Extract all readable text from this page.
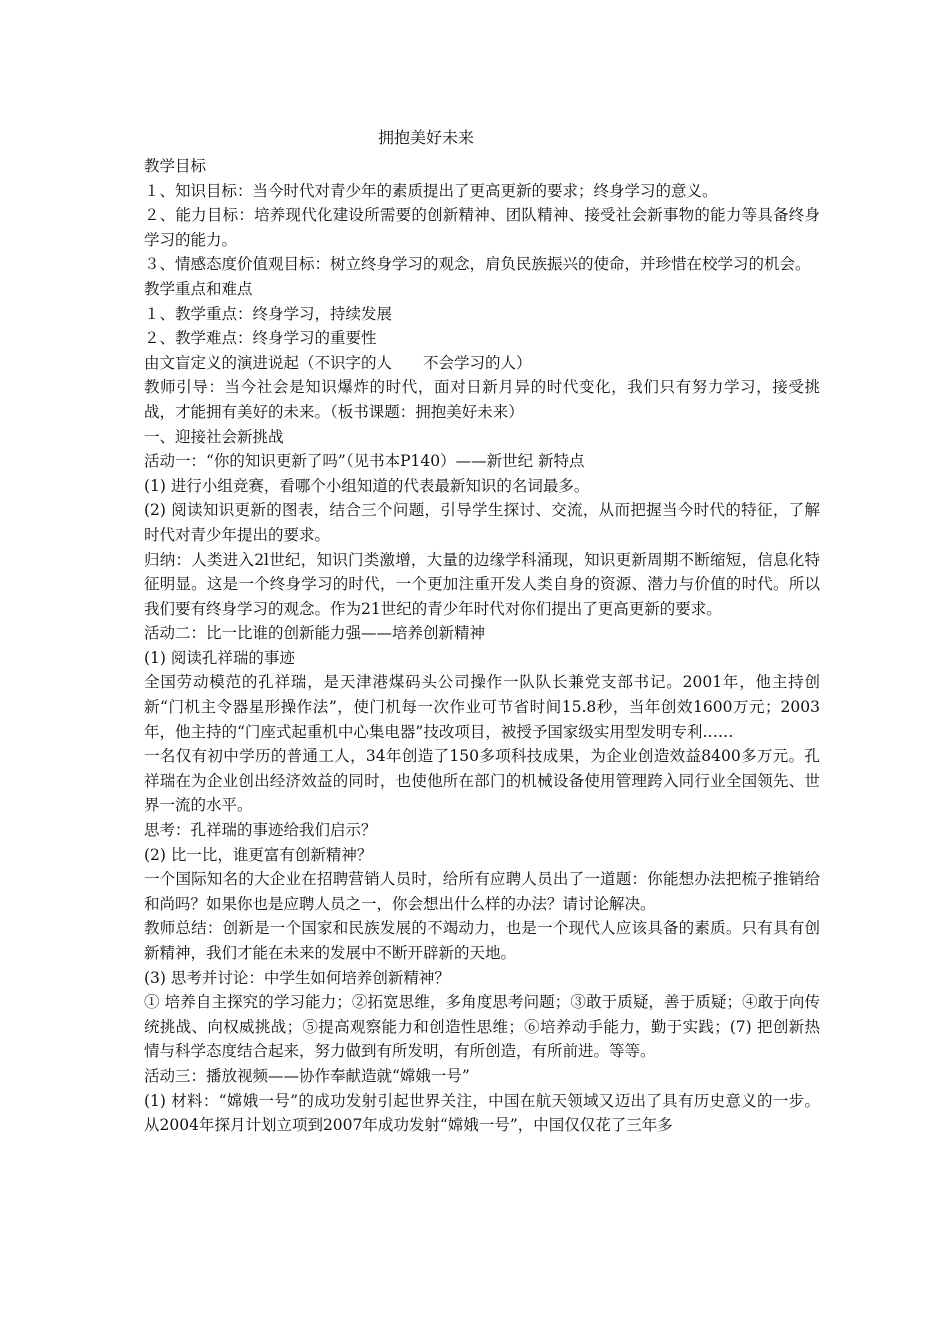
拥抱美好未来

教学目标

１、知识目标：当今时代对青少年的素质提出了更高更新的要求；终身学习的意义。

２、能力目标：培养现代化建设所需要的创新精神、团队精神、接受社会新事物的能力等具备终身学习的能力。

３、情感态度价值观目标：树立终身学习的观念，肩负民族振兴的使命，并珍惜在校学习的机会。

教学重点和难点

１、教学重点：终身学习，持续发展

２、教学难点：终身学习的重要性

由文盲定义的演进说起（不识字的人　　不会学习的人）

教师引导：当今社会是知识爆炸的时代，面对日新月异的时代变化，我们只有努力学习，接受挑战，才能拥有美好的未来。（板书课题：拥抱美好未来）

一、迎接社会新挑战

活动一：“你的知识更新了吗”（见书本P140）——新世纪 新特点

(1) 进行小组竞赛，看哪个小组知道的代表最新知识的名词最多。

(2) 阅读知识更新的图表，结合三个问题，引导学生探讨、交流，从而把握当今时代的特征，了解时代对青少年提出的要求。

归纳：人类进入2l世纪，知识门类激增，大量的边缘学科涌现，知识更新周期不断缩短，信息化特征明显。这是一个终身学习的时代，一个更加注重开发人类自身的资源、潜力与价值的时代。所以我们要有终身学习的观念。作为21世纪的青少年时代对你们提出了更高更新的要求。

活动二：比一比谁的创新能力强——培养创新精神

(1) 阅读孔祥瑞的事迹

全国劳动模范的孔祥瑞，是天津港煤码头公司操作一队队长兼党支部书记。2001年，他主持创新“门机主令器星形操作法”，使门机每一次作业可节省时间15.8秒，当年创效1600万元；2003年，他主持的“门座式起重机中心集电器”技改项目，被授予国家级实用型发明专利……

一名仅有初中学历的普通工人，34年创造了150多项科技成果，为企业创造效益8400多万元。孔祥瑞在为企业创出经济效益的同时，也使他所在部门的机械设备使用管理跨入同行业全国领先、世界一流的水平。

思考：孔祥瑞的事迹给我们启示？

(2) 比一比，谁更富有创新精神？

一个国际知名的大企业在招聘营销人员时，给所有应聘人员出了一道题：你能想办法把梳子推销给和尚吗？如果你也是应聘人员之一，你会想出什么样的办法？请讨论解决。

教师总结：创新是一个国家和民族发展的不竭动力，也是一个现代人应该具备的素质。只有具有创新精神，我们才能在未来的发展中不断开辟新的天地。

(3) 思考并讨论：中学生如何培养创新精神？

① 培养自主探究的学习能力；②拓宽思维，多角度思考问题；③敢于质疑，善于质疑；④敢于向传统挑战、向权威挑战；⑤提高观察能力和创造性思维；⑥培养动手能力，勤于实践；(7) 把创新热情与科学态度结合起来，努力做到有所发明，有所创造，有所前进。等等。

活动三：播放视频——协作奉献造就“嫦娥一号”

(1) 材料：“嫦娥一号”的成功发射引起世界关注，中国在航天领域又迈出了具有历史意义的一步。从2004年探月计划立项到2007年成功发射“嫦娥一号”，中国仅仅花了三年多
